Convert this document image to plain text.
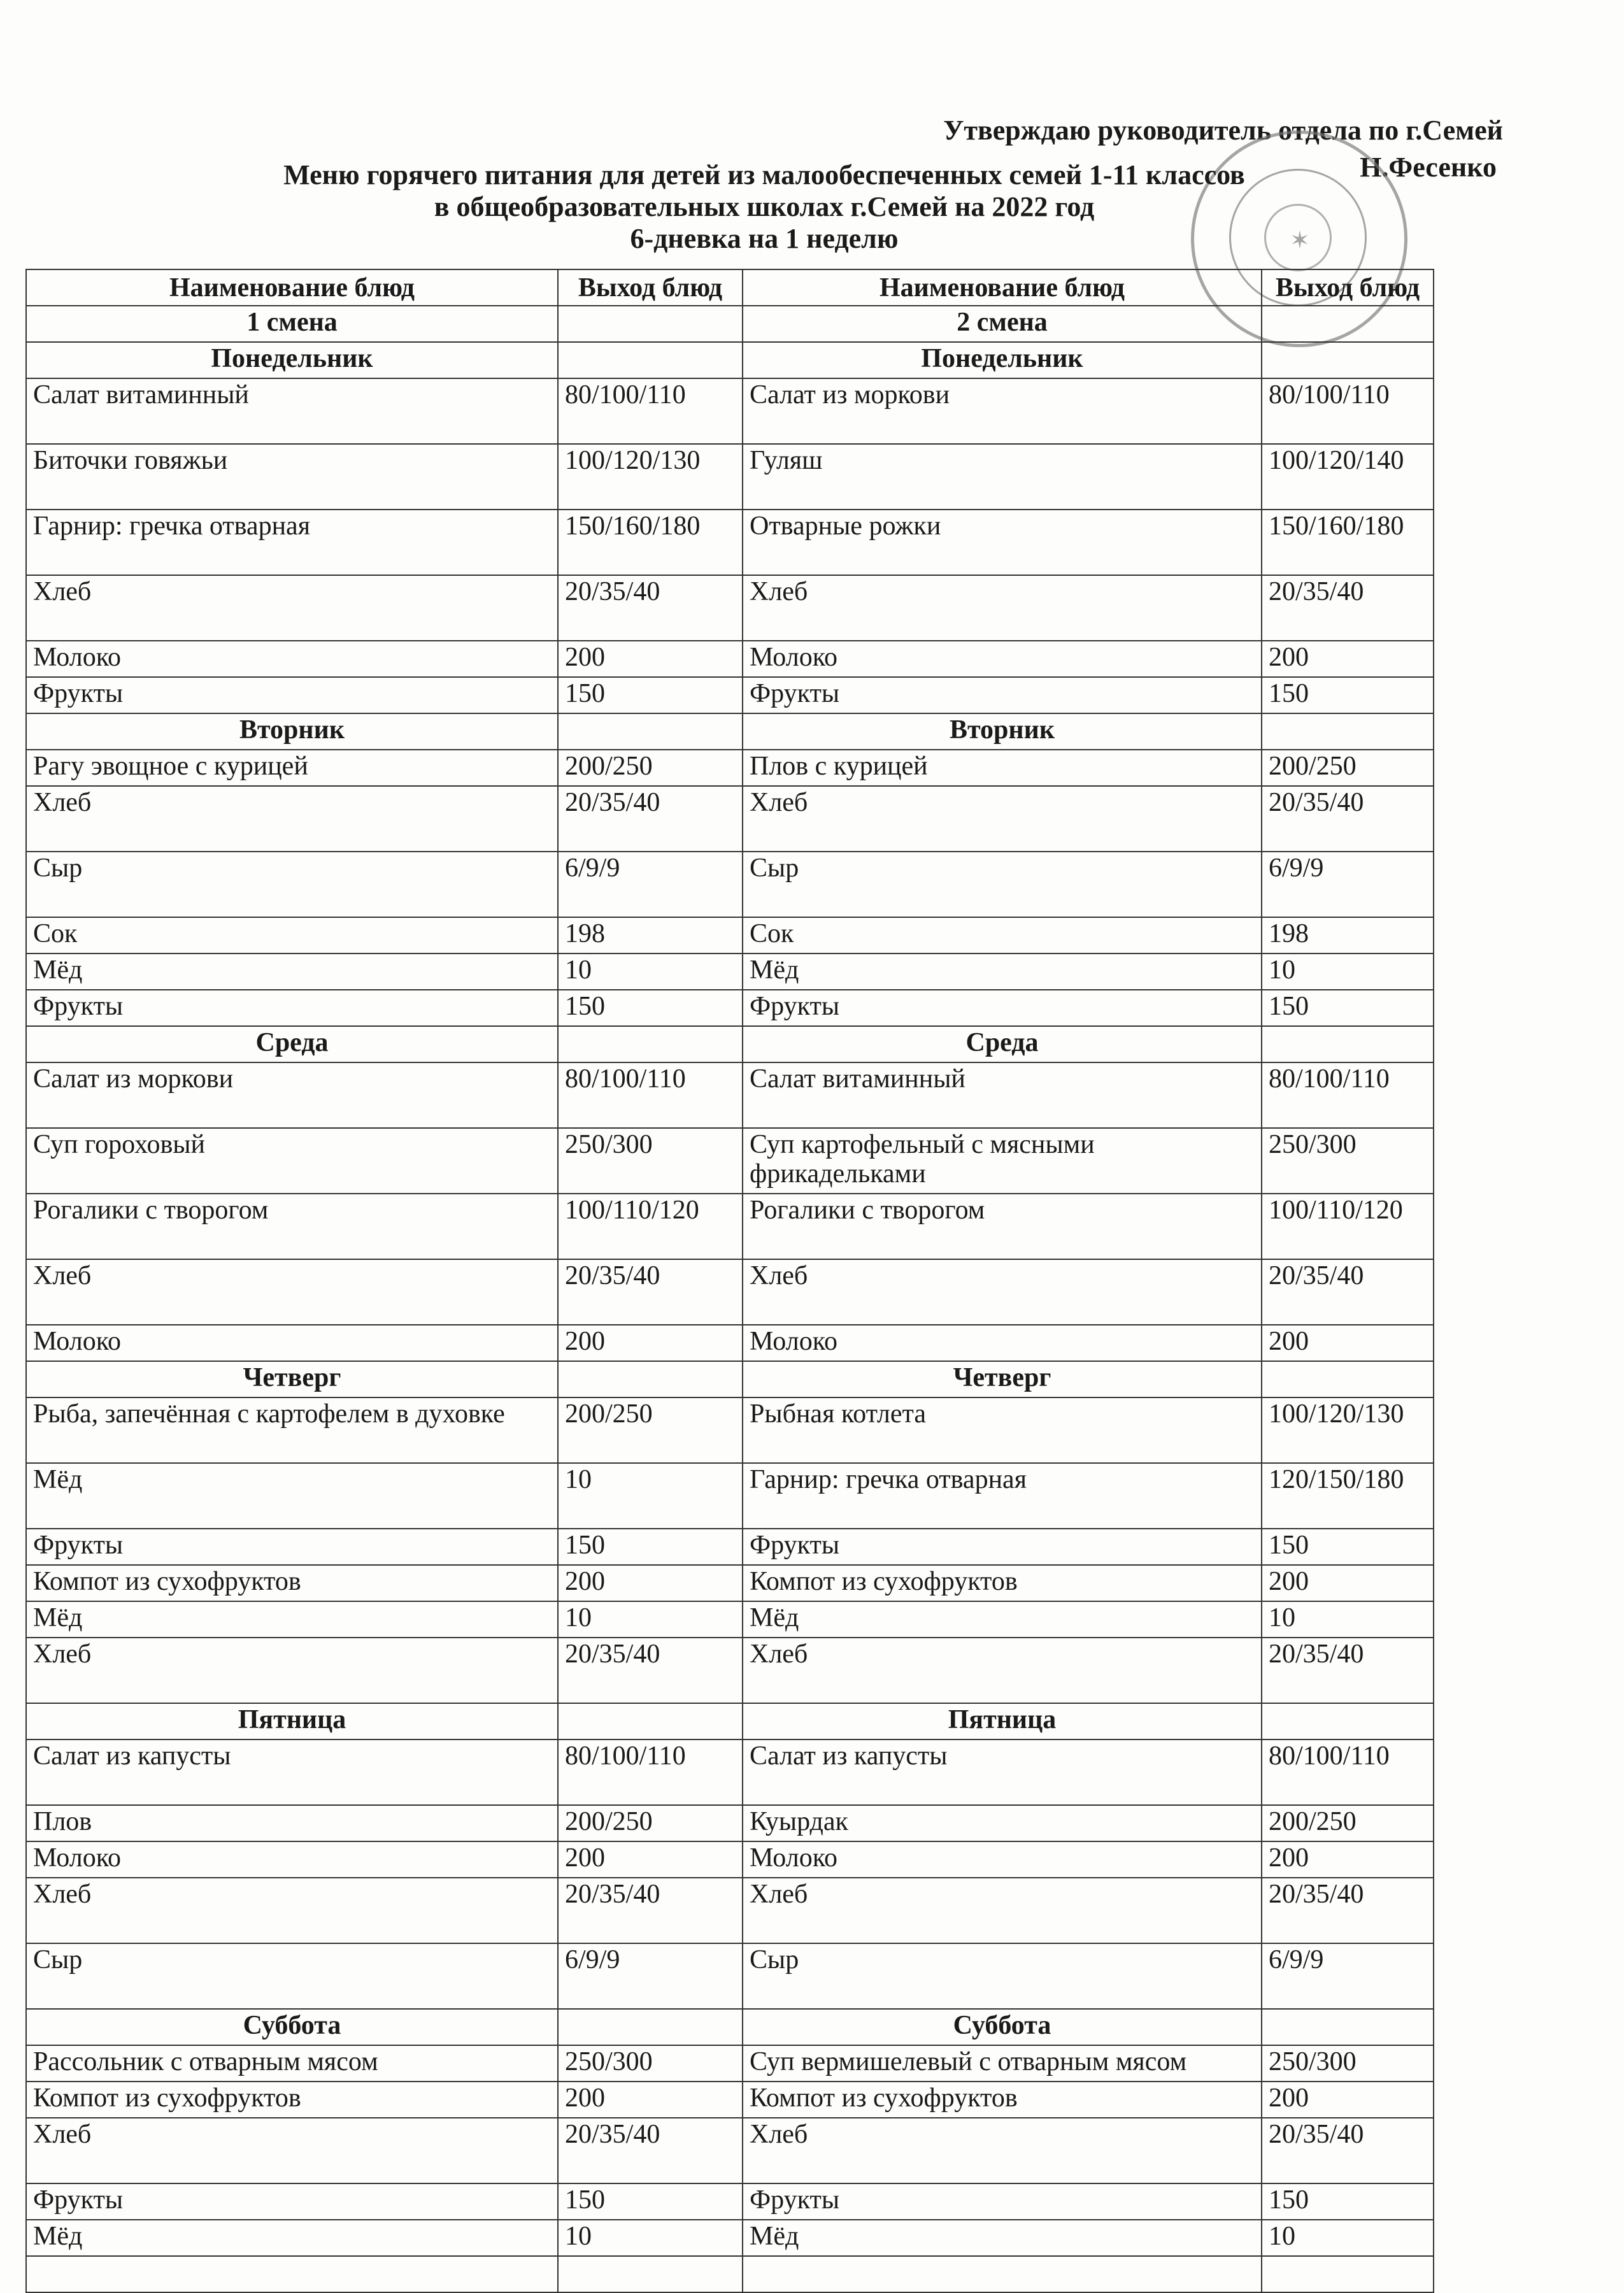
Утверждаю руководитель отдела по г.Семей
Н.Фесенко
✶
Меню горячего питания для детей из малообеспеченных семей 1-11 классов
в общеобразовательных школах г.Семей на 2022 год
6-дневка на 1 неделю
Наименование блюд	Выход блюд	Наименование блюд	Выход блюд
1 смена		2 смена	
Понедельник		Понедельник	
Салат витаминный	80/100/110	Салат из моркови	80/100/110
Биточки говяжьи	100/120/130	Гуляш	100/120/140
Гарнир: гречка отварная	150/160/180	Отварные рожки	150/160/180
Хлеб	20/35/40	Хлеб	20/35/40
Молоко	200	Молоко	200
Фрукты	150	Фрукты	150
Вторник		Вторник	
Рагу эвощное с курицей	200/250	Плов с курицей	200/250
Хлеб	20/35/40	Хлеб	20/35/40
Сыр	6/9/9	Сыр	6/9/9
Сок	198	Сок	198
Мёд	10	Мёд	10
Фрукты	150	Фрукты	150
Среда		Среда	
Салат из моркови	80/100/110	Салат витаминный	80/100/110
Суп гороховый	250/300	Суп картофельный с мясными фрикадельками	250/300
Рогалики с творогом	100/110/120	Рогалики с творогом	100/110/120
Хлеб	20/35/40	Хлеб	20/35/40
Молоко	200	Молоко	200
Четверг		Четверг	
Рыба, запечённая с картофелем в духовке	200/250	Рыбная котлета	100/120/130
Мёд	10	Гарнир: гречка отварная	120/150/180
Фрукты	150	Фрукты	150
Компот из сухофруктов	200	Компот из сухофруктов	200
Мёд	10	Мёд	10
Хлеб	20/35/40	Хлеб	20/35/40
Пятница		Пятница	
Салат из капусты	80/100/110	Салат из капусты	80/100/110
Плов	200/250	Куырдак	200/250
Молоко	200	Молоко	200
Хлеб	20/35/40	Хлеб	20/35/40
Сыр	6/9/9	Сыр	6/9/9
Суббота		Суббота	
Рассольник с отварным мясом	250/300	Суп вермишелевый с отварным мясом	250/300
Компот из сухофруктов	200	Компот из сухофруктов	200
Хлеб	20/35/40	Хлеб	20/35/40
Фрукты	150	Фрукты	150
Мёд	10	Мёд	10
